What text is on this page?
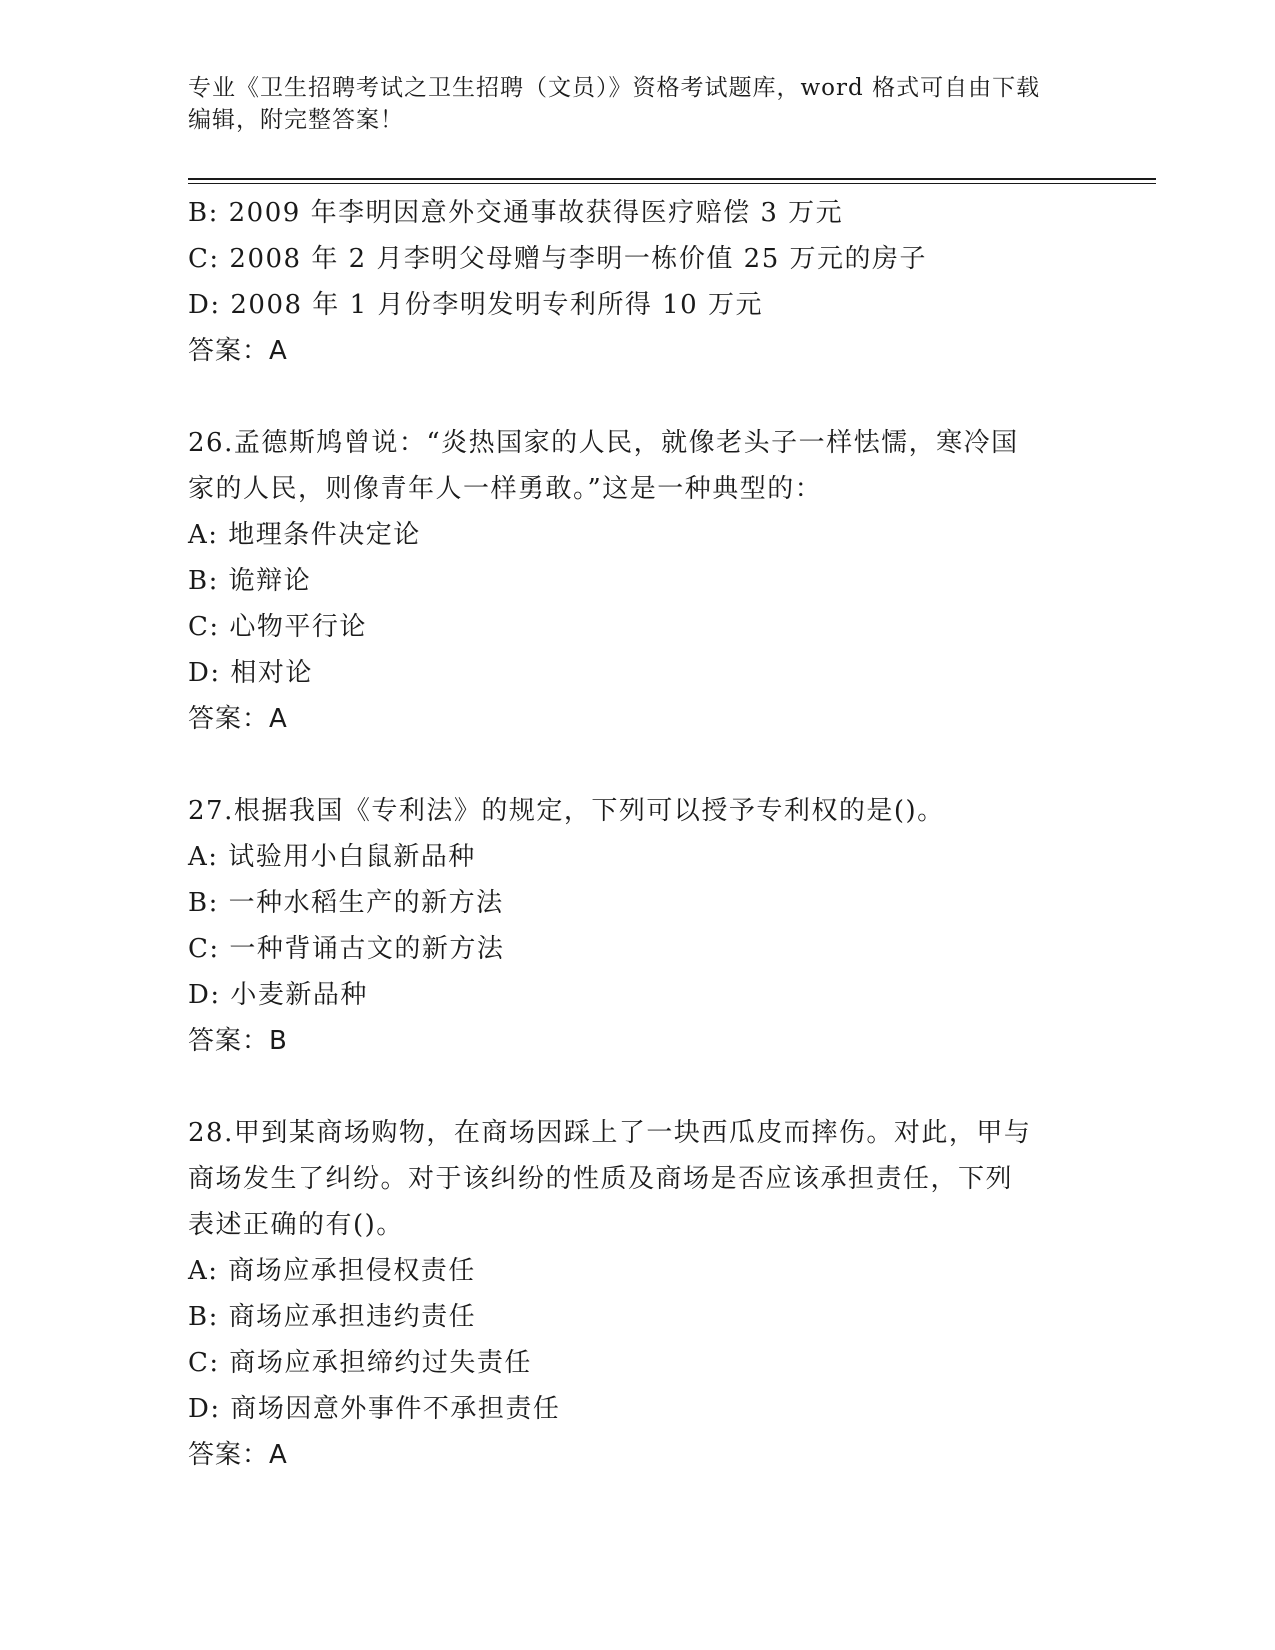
专业《卫生招聘考试之卫生招聘（文员）》资格考试题库，word 格式可自由下载
编辑，附完整答案！
B: 2009 年李明因意外交通事故获得医疗赔偿 3 万元
C: 2008 年 2 月李明父母赠与李明一栋价值 25 万元的房子
D: 2008 年 1 月份李明发明专利所得 10 万元
答案：A
26.孟德斯鸠曾说：“炎热国家的人民，就像老头子一样怯懦，寒冷国
家的人民，则像青年人一样勇敢。”这是一种典型的：
A: 地理条件决定论
B: 诡辩论
C: 心物平行论
D: 相对论
答案：A
27.根据我国《专利法》的规定，下列可以授予专利权的是()。
A: 试验用小白鼠新品种
B: 一种水稻生产的新方法
C: 一种背诵古文的新方法
D: 小麦新品种
答案：B
28.甲到某商场购物，在商场因踩上了一块西瓜皮而摔伤。对此，甲与
商场发生了纠纷。对于该纠纷的性质及商场是否应该承担责任，下列
表述正确的有()。
A: 商场应承担侵权责任
B: 商场应承担违约责任
C: 商场应承担缔约过失责任
D: 商场因意外事件不承担责任
答案：A
